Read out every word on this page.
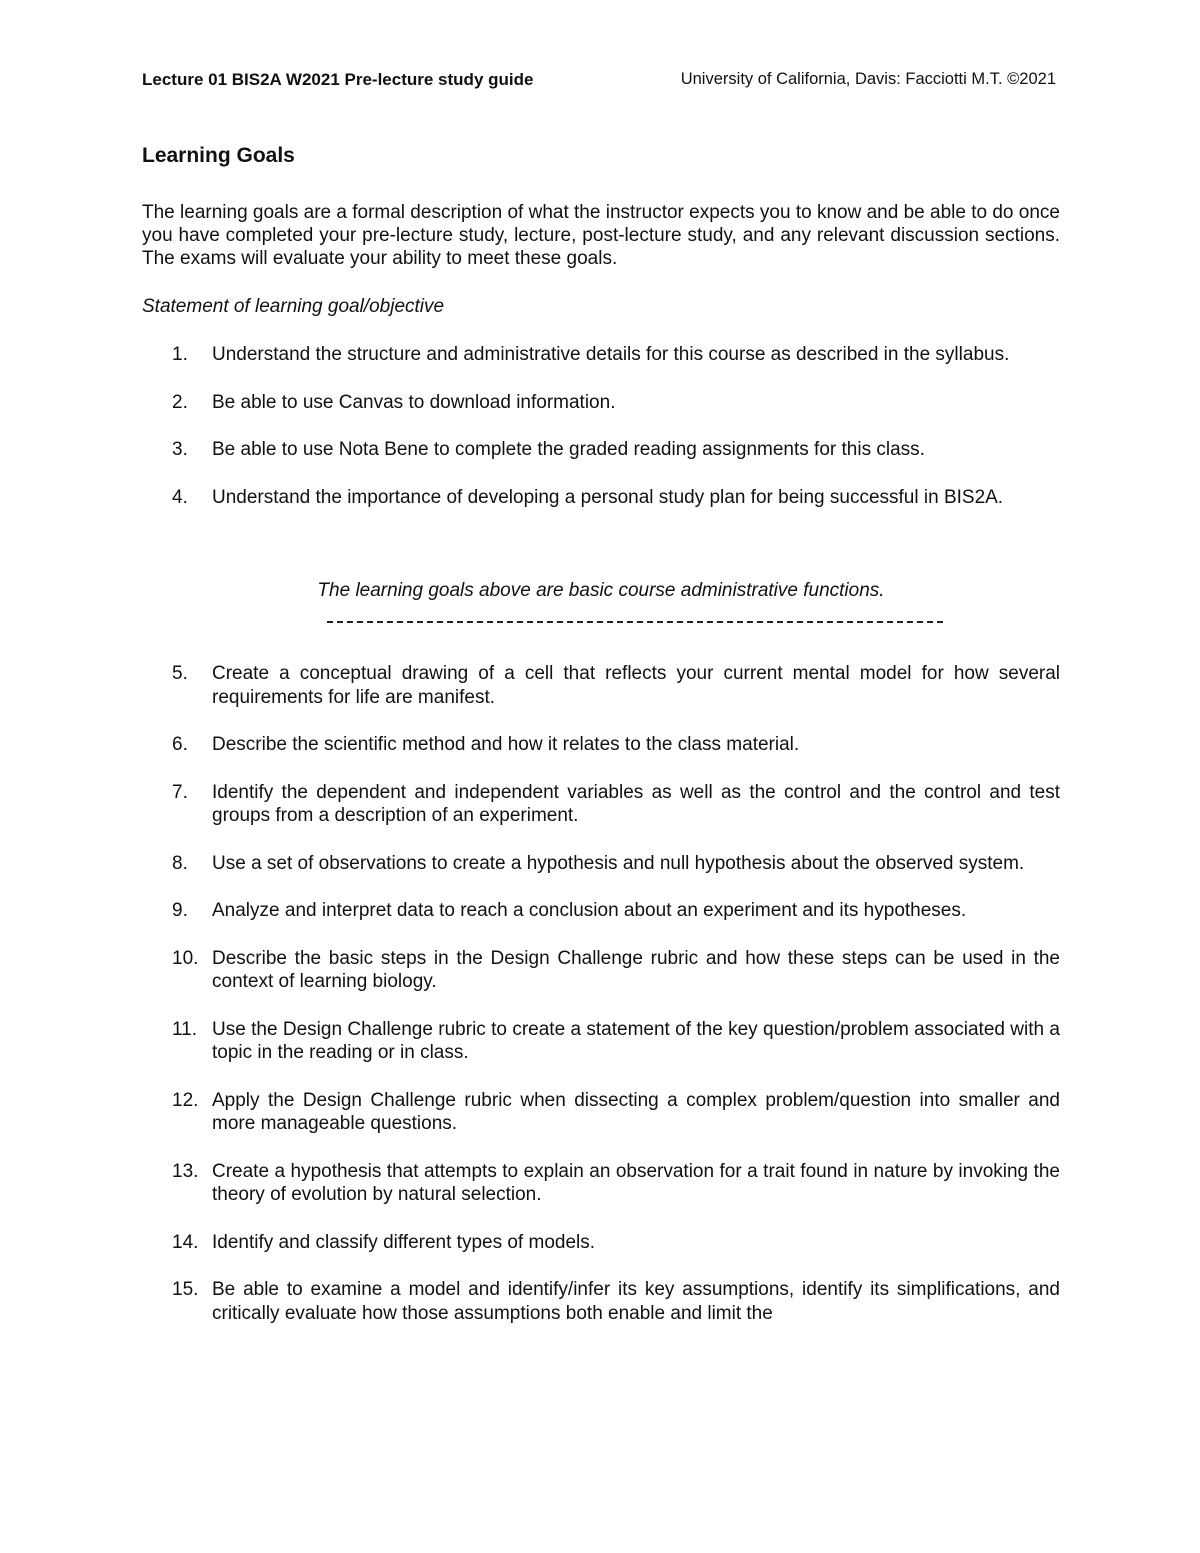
Lecture 01 BIS2A W2021 Pre-lecture study guide	University of California, Davis: Facciotti M.T. ©2021
Learning Goals

The learning goals are a formal description of what the instructor expects you to know and be able to do once you have completed your pre-lecture study, lecture, post-lecture study, and any relevant discussion sections. The exams will evaluate your ability to meet these goals.

Statement of learning goal/objective

1.	Understand the structure and administrative details for this course as described in the syllabus.
2.	Be able to use Canvas to download information.
3.	Be able to use Nota Bene to complete the graded reading assignments for this class.
4.	Understand the importance of developing a personal study plan for being successful in BIS2A.

The learning goals above are basic course administrative functions.

5.	Create a conceptual drawing of a cell that reflects your current mental model for how several requirements for life are manifest.
6.	Describe the scientific method and how it relates to the class material.
7.	Identify the dependent and independent variables as well as the control and the control and test groups from a description of an experiment.
8.	Use a set of observations to create a hypothesis and null hypothesis about the observed system.
9.	Analyze and interpret data to reach a conclusion about an experiment and its hypotheses.
10. Describe the basic steps in the Design Challenge rubric and how these steps can be used in the context of learning biology.
11. Use the Design Challenge rubric to create a statement of the key question/problem associated with a topic in the reading or in class.
12. Apply the Design Challenge rubric when dissecting a complex problem/question into smaller and more manageable questions.
13. Create a hypothesis that attempts to explain an observation for a trait found in nature by invoking the theory of evolution by natural selection.
14. Identify and classify different types of models.
15. Be able to examine a model and identify/infer its key assumptions, identify its simplifications, and critically evaluate how those assumptions both enable and limit the
